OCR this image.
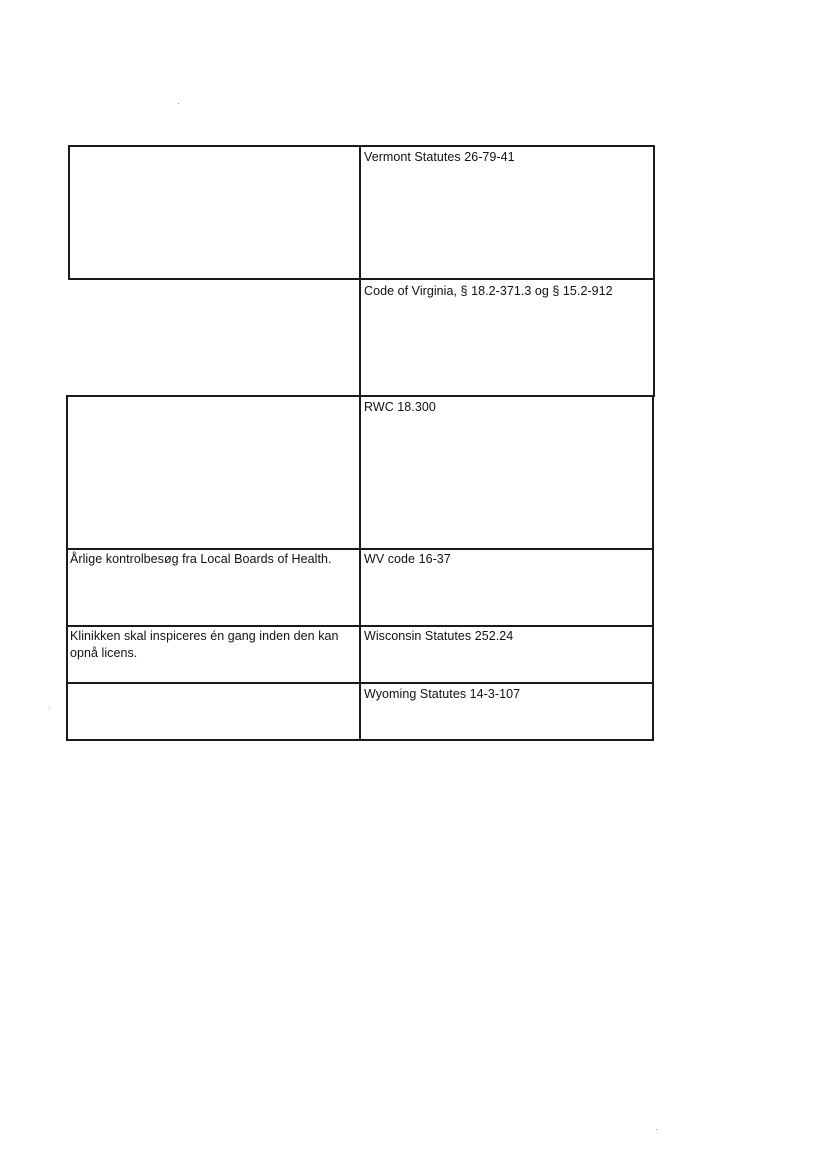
Vermont Statutes 26-79-41
Code of Virginia, § 18.2-371.3 og § 15.2-912
RWC 18.300
WV code 16-37
Wisconsin Statutes 252.24
Wyoming Statutes 14-3-107
Årlige kontrolbesøg fra Local Boards of Health.
Klinikken skal inspiceres én gang inden den kan opnå licens.
